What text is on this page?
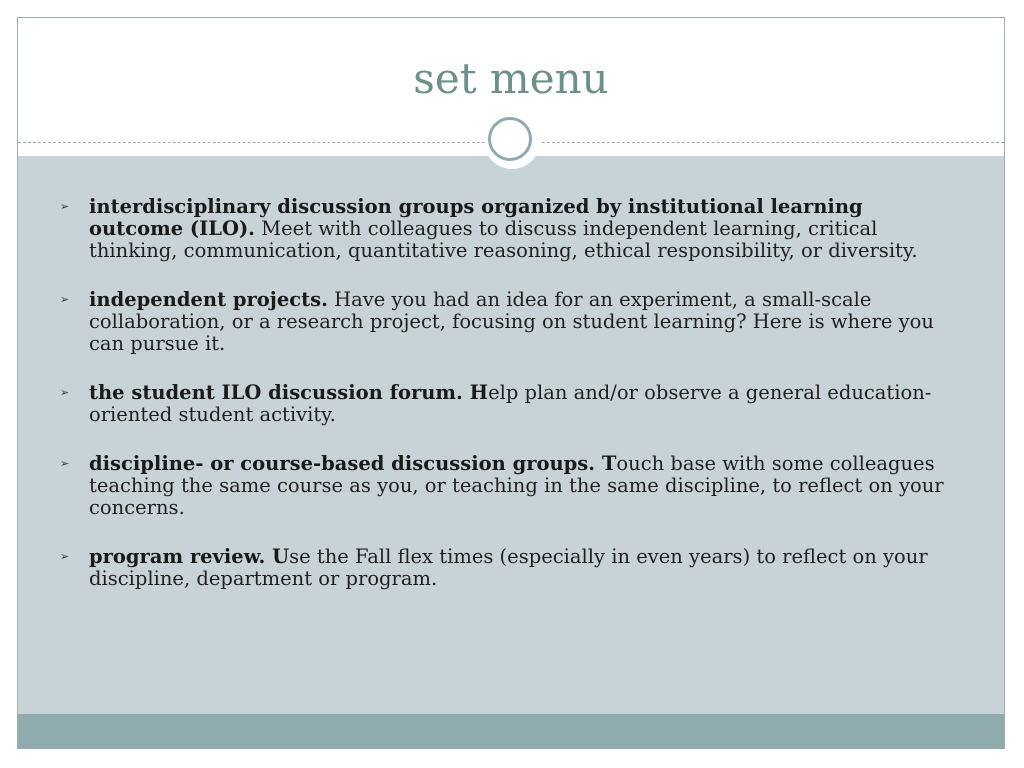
set menu
➢ interdisciplinary discussion groups organized by institutional learning outcome (ILO). Meet with colleagues to discuss independent learning, critical thinking, communication, quantitative reasoning, ethical responsibility, or diversity.
➢ independent projects. Have you had an idea for an experiment, a small-scale collaboration, or a research project, focusing on student learning? Here is where you can pursue it.
➢ the student ILO discussion forum. Help plan and/or observe a general education-oriented student activity.
➢ discipline- or course-based discussion groups. Touch base with some colleagues teaching the same course as you, or teaching in the same discipline, to reflect on your concerns.
➢ program review. Use the Fall flex times (especially in even years) to reflect on your discipline, department or program.
